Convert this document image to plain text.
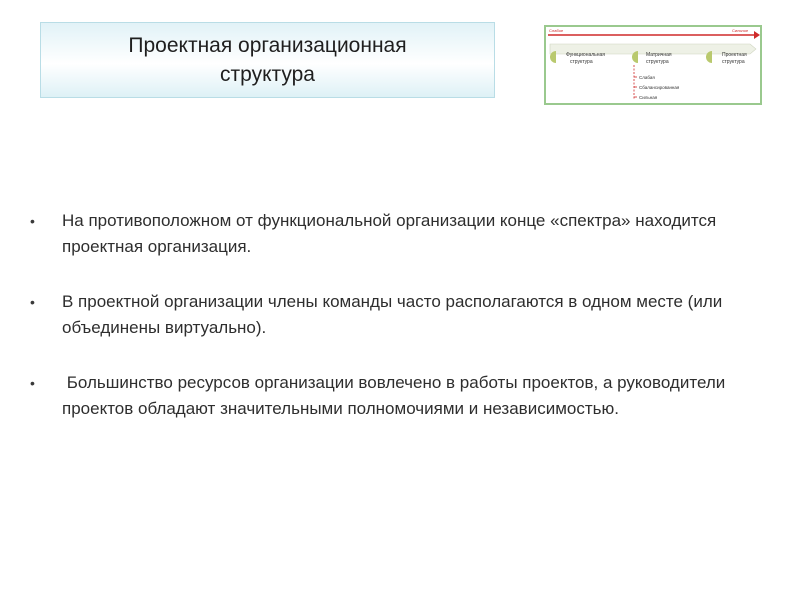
Проектная организационная
структура
Слабое	Сильное
Функциональная
структура
Матричная
структура
Проектная
структура
Слабая
Сбалансированная
Сильная
• На противоположном от функциональной организации конце «спектра» находится проектная организация.
• В проектной организации члены команды часто располагаются в одном месте (или объединены виртуально).
• Большинство ресурсов организации вовлечено в работы проектов, а руководители проектов обладают значительными полномочиями и независимостью.
